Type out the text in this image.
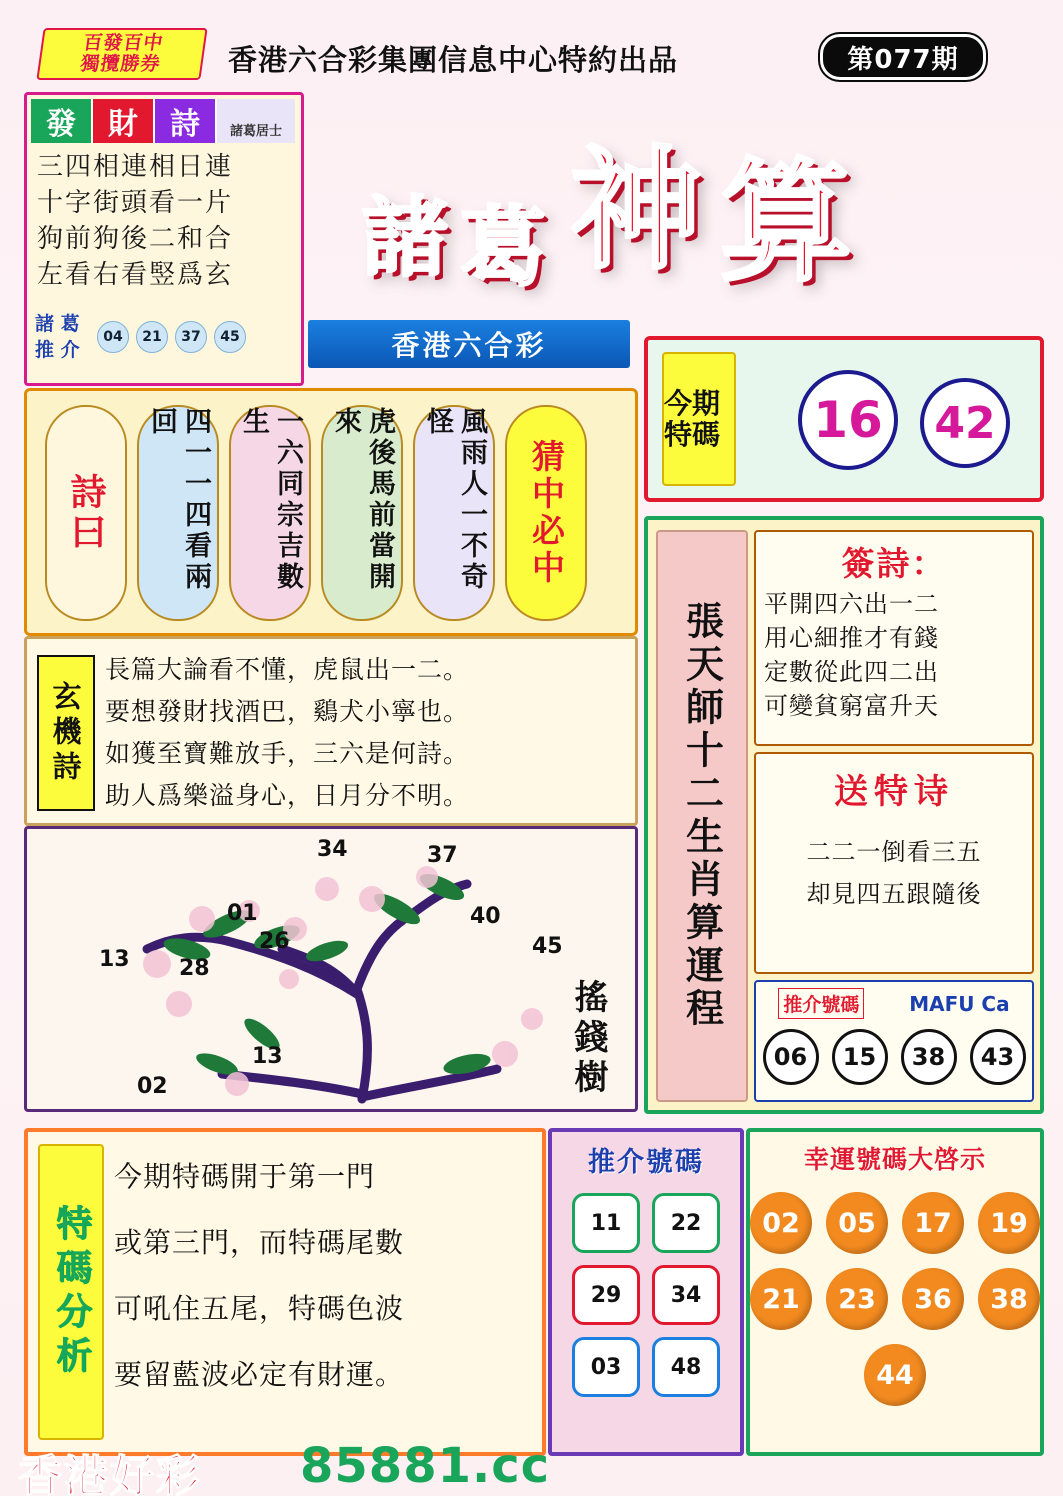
百發百中
獨攬勝券 香港六合彩集團信息中心特約出品	第077期
發	財	詩	諸葛居士
三四相連相日連
十字街頭看一片
狗前狗後二和合
左看右看竪爲玄
諸 葛
推 介
04	21	37	45
諸 葛 神 算
香港六合彩
今期特碼	16	42
詩曰	四一一四看兩回	一六同宗吉數生	虎後馬前當開來	風雨人一不奇怪
猜中必中
玄機詩
長篇大論看不懂，虎鼠出一二。
要想發財找酒巴，鷄犬小寧也。
如獲至寶難放手，三六是何詩。
助人爲樂溢身心，日月分不明。
34	37
01	40
26	45
13 28
13
02	搖錢樹
張天師十二生肖算運程
簽詩：
平開四六出一二
用心細推才有錢
定數從此四二出
可變貧窮富升天
送特诗
二二一倒看三五
却見四五跟隨後
推介號碼 MAFU Ca
06	15	38	43
特碼分析
今期特碼開于第一門
或第三門，而特碼尾數
可吼住五尾，特碼色波
要留藍波必定有財運。
推介號碼
11	22
29	34
03	48
幸運號碼大啓示
02	05	17	19
21	23	36	38
44
香港好彩 85881.cc
